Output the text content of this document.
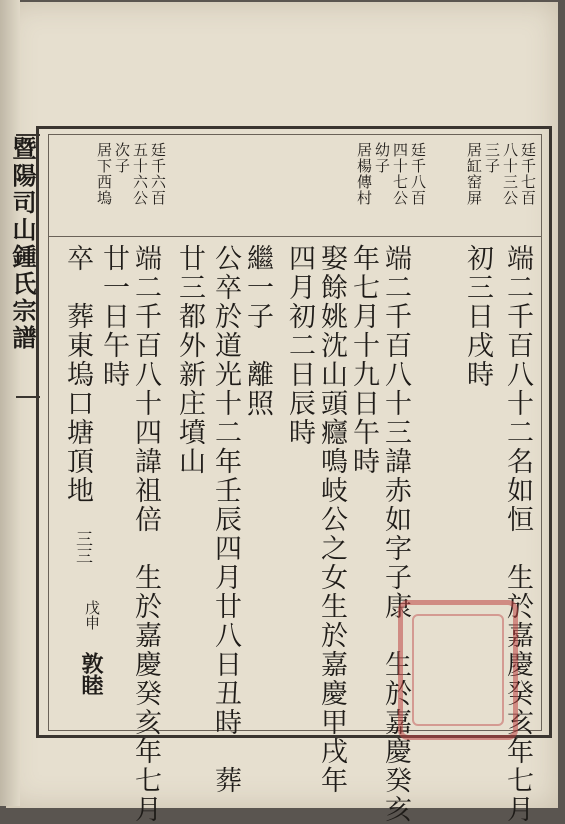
暨陽司山鍾氏宗譜	廷千七百
八十三公
三子
居缸窑屏
廷千八百
四十七公
幼子
居楊傳村
廷千六百
五十六公
次子
居下西塢
端二千百八十二名如恒　生於嘉慶癸亥年七月
初三日戌時
端二千百八十三諱赤如字子康　生於嘉慶癸亥
年七月十九日午時
娶餘姚沈山頭癮鳴岐公之女生於嘉慶甲戌年
四月初二日辰時
繼一子　離照
公卒於道光十二年壬辰四月廿八日丑時　葬
廿三都外新庄墳山
端二千百八十四諱祖倍　生於嘉慶癸亥年七月
廿一日午時
卒　葬東塢口塘頂地
三三
戊申
敦睦
